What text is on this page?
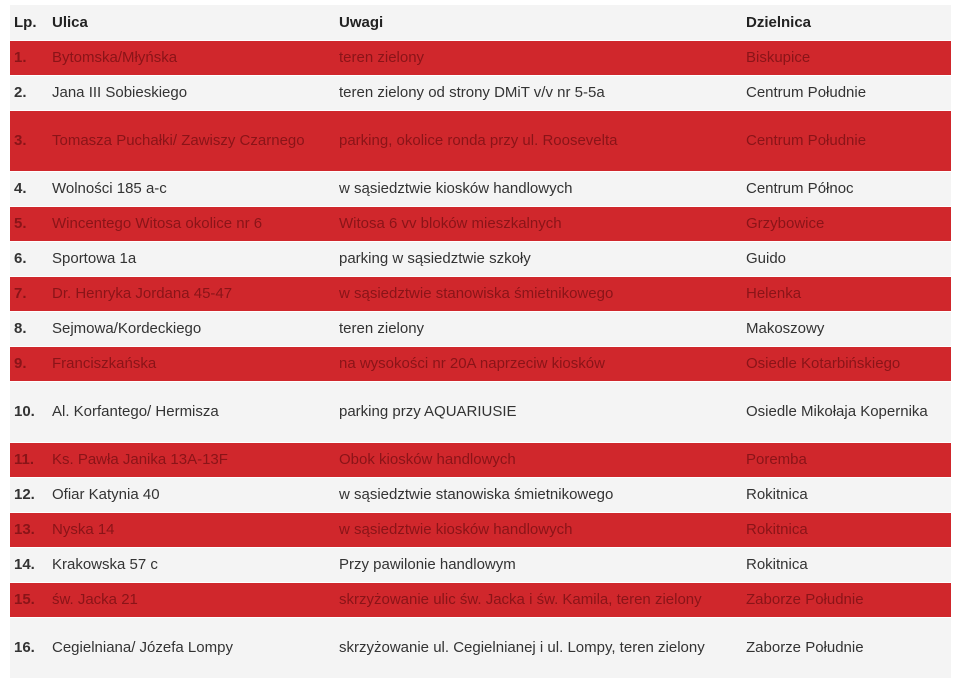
Lp.	Ulica	Uwagi	Dzielnica
1.	Bytomska/Młyńska	teren zielony	Biskupice
2.	Jana III Sobieskiego	teren zielony od strony DMiT v/v nr 5-5a	Centrum Południe
3.	Tomasza Puchałki/ Zawiszy Czarnego	parking, okolice ronda przy ul. Roosevelta	Centrum Południe
4.	Wolności 185 a-c	w sąsiedztwie kiosków handlowych	Centrum Północ
5.	Wincentego Witosa okolice nr 6	Witosa 6 vv bloków mieszkalnych	Grzybowice
6.	Sportowa 1a	parking w sąsiedztwie szkoły	Guido
7.	Dr. Henryka Jordana 45-47	w sąsiedztwie stanowiska śmietnikowego	Helenka
8.	Sejmowa/Kordeckiego	teren zielony	Makoszowy
9.	Franciszkańska	na wysokości nr 20A naprzeciw kiosków	Osiedle Kotarbińskiego
10.	Al. Korfantego/ Hermisza	parking przy AQUARIUSIE	Osiedle Mikołaja Kopernika
11.	Ks. Pawła Janika 13A-13F	Obok kiosków handlowych	Poremba
12.	Ofiar Katynia 40	w sąsiedztwie stanowiska śmietnikowego	Rokitnica
13.	Nyska 14	w sąsiedztwie kiosków handlowych	Rokitnica
14.	Krakowska 57 c	Przy pawilonie handlowym	Rokitnica
15.	św. Jacka 21	skrzyżowanie ulic św. Jacka i św. Kamila, teren zielony	Zaborze Południe
16.	Cegielniana/ Józefa Lompy	skrzyżowanie ul. Cegielnianej i ul. Lompy, teren zielony	Zaborze Południe
